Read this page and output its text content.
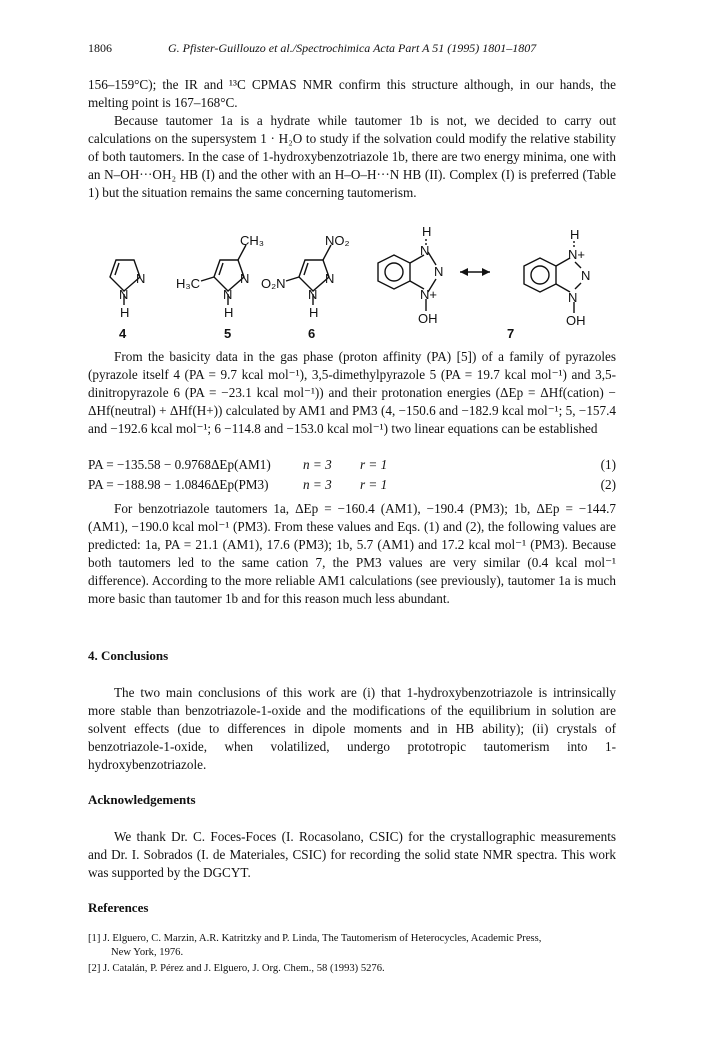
1806	G. Pfister-Guillouzo et al./Spectrochimica Acta Part A 51 (1995) 1801–1807
156–159°C); the IR and ¹³C CPMAS NMR confirm this structure although, in our hands, the melting point is 167–168°C.
Because tautomer 1a is a hydrate while tautomer 1b is not, we decided to carry out calculations on the supersystem 1 · H₂O to study if the solvation could modify the relative stability of both tautomers. In the case of 1-hydroxybenzotriazole 1b, there are two energy minima, one with an N–OH···OH₂ HB (I) and the other with an H–O–H···N HB (II). Complex (I) is preferred (Table 1) but the situation remains the same concerning tautomerism.
N
N
H
N
N
H
H₃C
CH₃
N
N
H
O₂N
NO₂
H
N
N
N+
OH
H
N+
N
N
OH
4	5	6	7
From the basicity data in the gas phase (proton affinity (PA) [5]) of a family of pyrazoles (pyrazole itself 4 (PA = 9.7 kcal mol⁻¹), 3,5-dimethylpyrazole 5 (PA = 19.7 kcal mol⁻¹) and 3,5-dinitropyrazole 6 (PA = −23.1 kcal mol⁻¹)) and their protonation energies (ΔEp = ΔHf(cation) − ΔHf(neutral) + ΔHf(H+)) calculated by AM1 and PM3 (4, −150.6 and −182.9 kcal mol⁻¹; 5, −157.4 and −192.6 kcal mol⁻¹; 6 −114.8 and −153.0 kcal mol⁻¹) two linear equations can be established
PA = −135.58 − 0.9768ΔEp(AM1) n = 3 r = 1	(1)
PA = −188.98 − 1.0846ΔEp(PM3)	n = 3 r = 1	(2)
For benzotriazole tautomers 1a, ΔEp = −160.4 (AM1), −190.4 (PM3); 1b, ΔEp = −144.7 (AM1), −190.0 kcal mol⁻¹ (PM3). From these values and Eqs. (1) and (2), the following values are predicted: 1a, PA = 21.1 (AM1), 17.6 (PM3); 1b, 5.7 (AM1) and 17.2 kcal mol⁻¹ (PM3). Because both tautomers led to the same cation 7, the PM3 values are very similar (0.4 kcal mol⁻¹ difference). According to the more reliable AM1 calculations (see previously), tautomer 1a is much more basic than tautomer 1b and for this reason much less abundant.
4. Conclusions
The two main conclusions of this work are (i) that 1-hydroxybenzotriazole is intrinsically more stable than benzotriazole-1-oxide and the modifications of the equilibrium in solution are solvent effects (due to differences in dipole moments and in HB ability); (ii) crystals of benzotriazole-1-oxide, when volatilized, undergo prototropic tautomerism into 1-hydroxybenzotriazole.
Acknowledgements
We thank Dr. C. Foces-Foces (I. Rocasolano, CSIC) for the crystallographic measurements and Dr. I. Sobrados (I. de Materiales, CSIC) for recording the solid state NMR spectra. This work was supported by the DGCYT.
References
[1] J. Elguero, C. Marzin, A.R. Katritzky and P. Linda, The Tautomerism of Heterocycles, Academic Press,
New York, 1976.
[2] J. Catalán, P. Pérez and J. Elguero, J. Org. Chem., 58 (1993) 5276.
